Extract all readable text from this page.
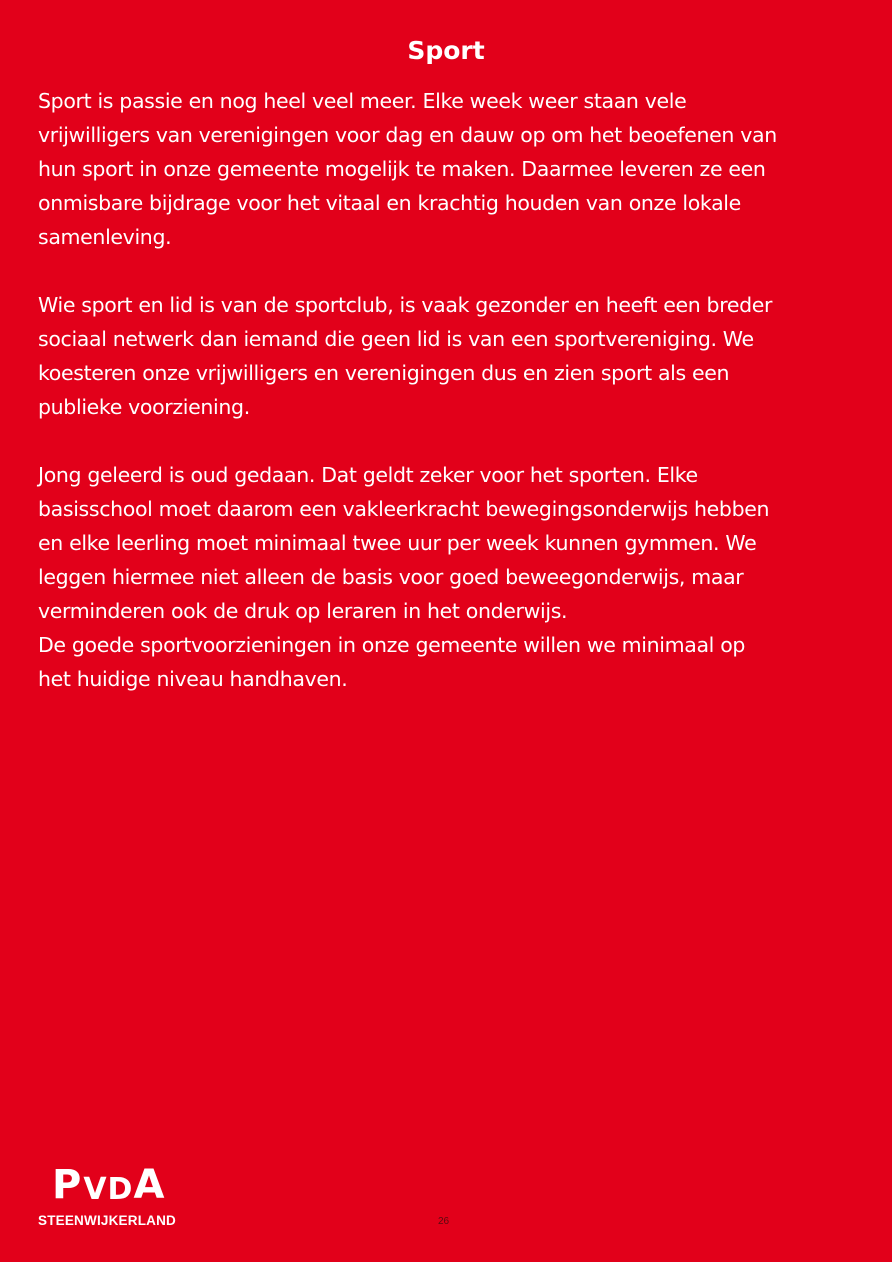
Sport

Sport is passie en nog heel veel meer. Elke week weer staan vele
vrijwilligers van verenigingen voor dag en dauw op om het beoefenen van
hun sport in onze gemeente mogelijk te maken. Daarmee leveren ze een
onmisbare bijdrage voor het vitaal en krachtig houden van onze lokale
samenleving.

Wie sport en lid is van de sportclub, is vaak gezonder en heeft een breder
sociaal netwerk dan iemand die geen lid is van een sportvereniging. We
koesteren onze vrijwilligers en verenigingen dus en zien sport als een
publieke voorziening.

Jong geleerd is oud gedaan. Dat geldt zeker voor het sporten. Elke
basisschool moet daarom een vakleerkracht bewegingsonderwijs hebben
en elke leerling moet minimaal twee uur per week kunnen gymmen. We
leggen hiermee niet alleen de basis voor goed beweegonderwijs, maar
verminderen ook de druk op leraren in het onderwijs.
De goede sportvoorzieningen in onze gemeente willen we minimaal op
het huidige niveau handhaven.

P V D A
STEENWIJKERLAND	26
